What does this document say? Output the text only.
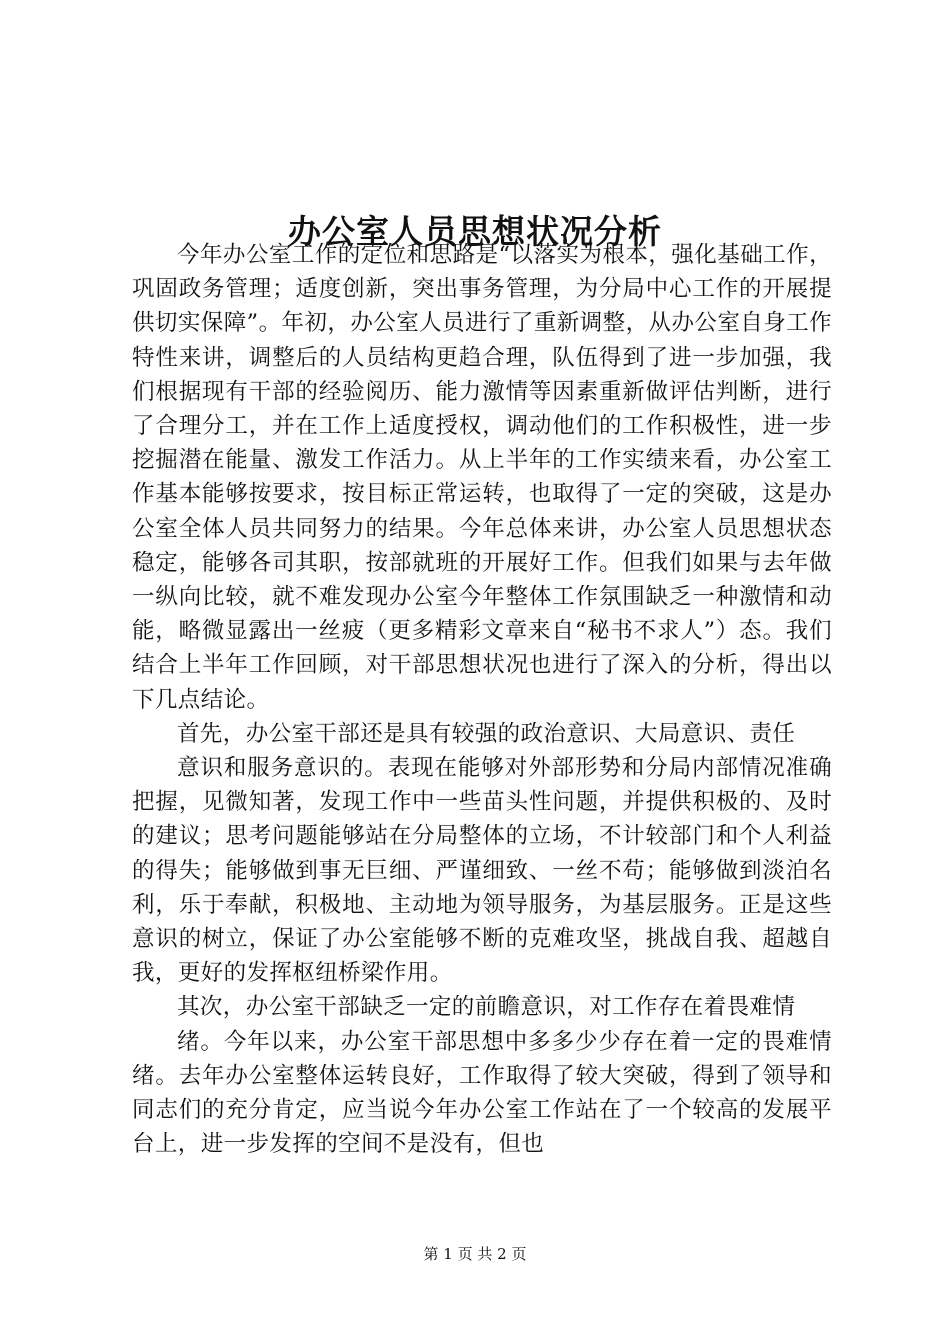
办公室人员思想状况分析

今年办公室工作的定位和思路是“以落实为根本，强化基础工作，巩固政务管理；适度创新，突出事务管理，为分局中心工作的开展提供切实保障”。年初，办公室人员进行了重新调整，从办公室自身工作特性来讲，调整后的人员结构更趋合理，队伍得到了进一步加强，我们根据现有干部的经验阅历、能力激情等因素重新做评估判断，进行了合理分工，并在工作上适度授权，调动他们的工作积极性，进一步挖掘潜在能量、激发工作活力。从上半年的工作实绩来看，办公室工作基本能够按要求，按目标正常运转，也取得了一定的突破，这是办公室全体人员共同努力的结果。今年总体来讲，办公室人员思想状态稳定，能够各司其职，按部就班的开展好工作。但我们如果与去年做一纵向比较，就不难发现办公室今年整体工作氛围缺乏一种激情和动能，略微显露出一丝疲（更多精彩文章来自“秘书不求人”）态。我们结合上半年工作回顾，对干部思想状况也进行了深入的分析，得出以下几点结论。

首先，办公室干部还是具有较强的政治意识、大局意识、责任

意识和服务意识的。表现在能够对外部形势和分局内部情况准确把握，见微知著，发现工作中一些苗头性问题，并提供积极的、及时的建议；思考问题能够站在分局整体的立场，不计较部门和个人利益的得失；能够做到事无巨细、严谨细致、一丝不苟；能够做到淡泊名利，乐于奉献，积极地、主动地为领导服务，为基层服务。正是这些意识的树立，保证了办公室能够不断的克难攻坚，挑战自我、超越自我，更好的发挥枢纽桥梁作用。

其次，办公室干部缺乏一定的前瞻意识，对工作存在着畏难情

绪。今年以来，办公室干部思想中多多少少存在着一定的畏难情绪。去年办公室整体运转良好，工作取得了较大突破，得到了领导和同志们的充分肯定，应当说今年办公室工作站在了一个较高的发展平台上，进一步发挥的空间不是没有，但也

第 1 页 共 2 页
